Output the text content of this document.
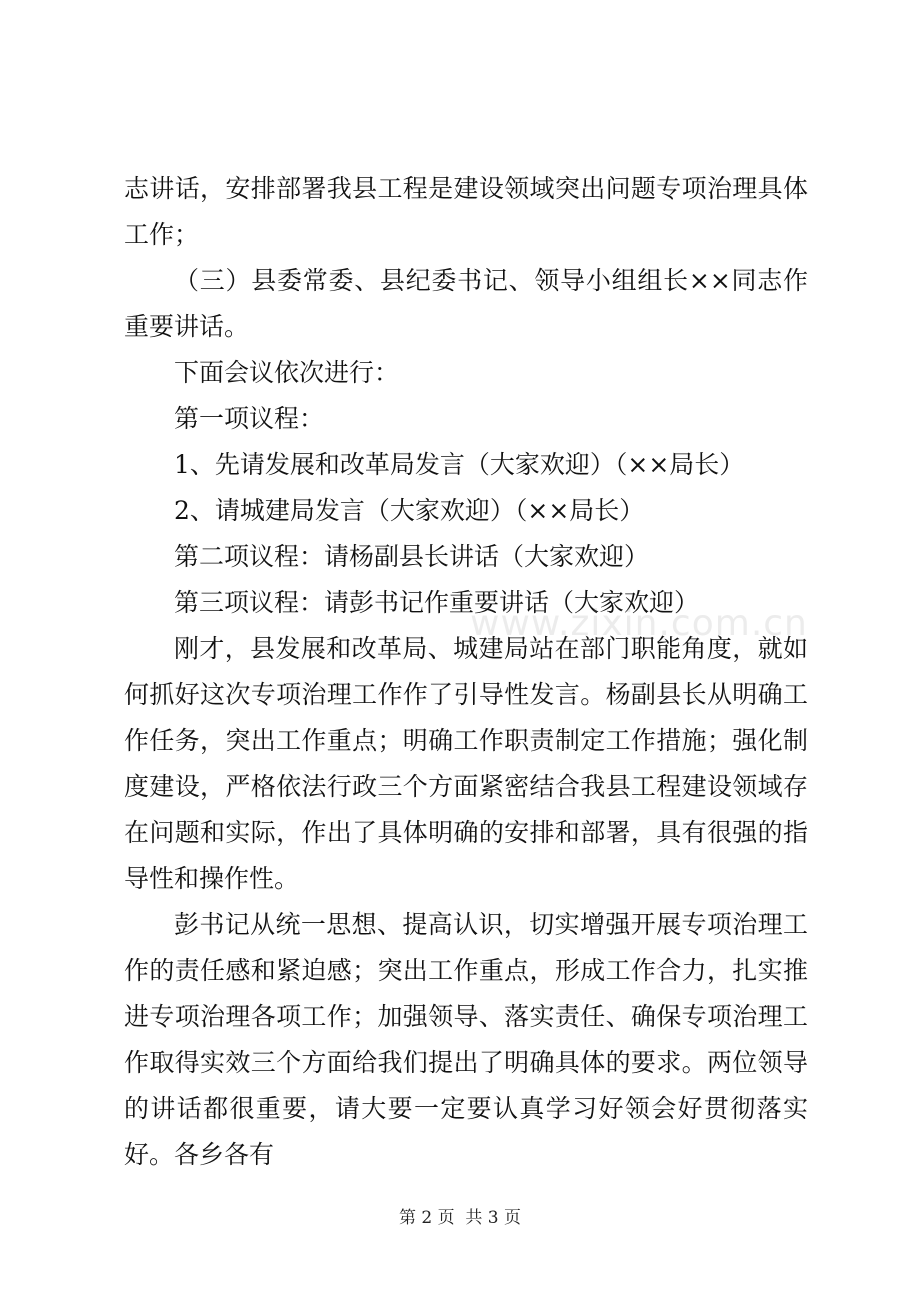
志讲话，安排部署我县工程是建设领域突出问题专项治理具体工作；

（三）县委常委、县纪委书记、领导小组组长××同志作重要讲话。

下面会议依次进行：

第一项议程：

1、先请发展和改革局发言（大家欢迎）（××局长）

2、请城建局发言（大家欢迎）（××局长）

第二项议程：请杨副县长讲话（大家欢迎）

第三项议程：请彭书记作重要讲话（大家欢迎）

刚才，县发展和改革局、城建局站在部门职能角度，就如何抓好这次专项治理工作作了引导性发言。杨副县长从明确工作任务，突出工作重点；明确工作职责制定工作措施；强化制度建设，严格依法行政三个方面紧密结合我县工程建设领域存在问题和实际，作出了具体明确的安排和部署，具有很强的指导性和操作性。

彭书记从统一思想、提高认识，切实增强开展专项治理工作的责任感和紧迫感；突出工作重点，形成工作合力，扎实推进专项治理各项工作；加强领导、落实责任、确保专项治理工作取得实效三个方面给我们提出了明确具体的要求。两位领导的讲话都很重要，请大要一定要认真学习好领会好贯彻落实好。各乡各有

www.zixin.com.cn
第 2 页  共 3 页
